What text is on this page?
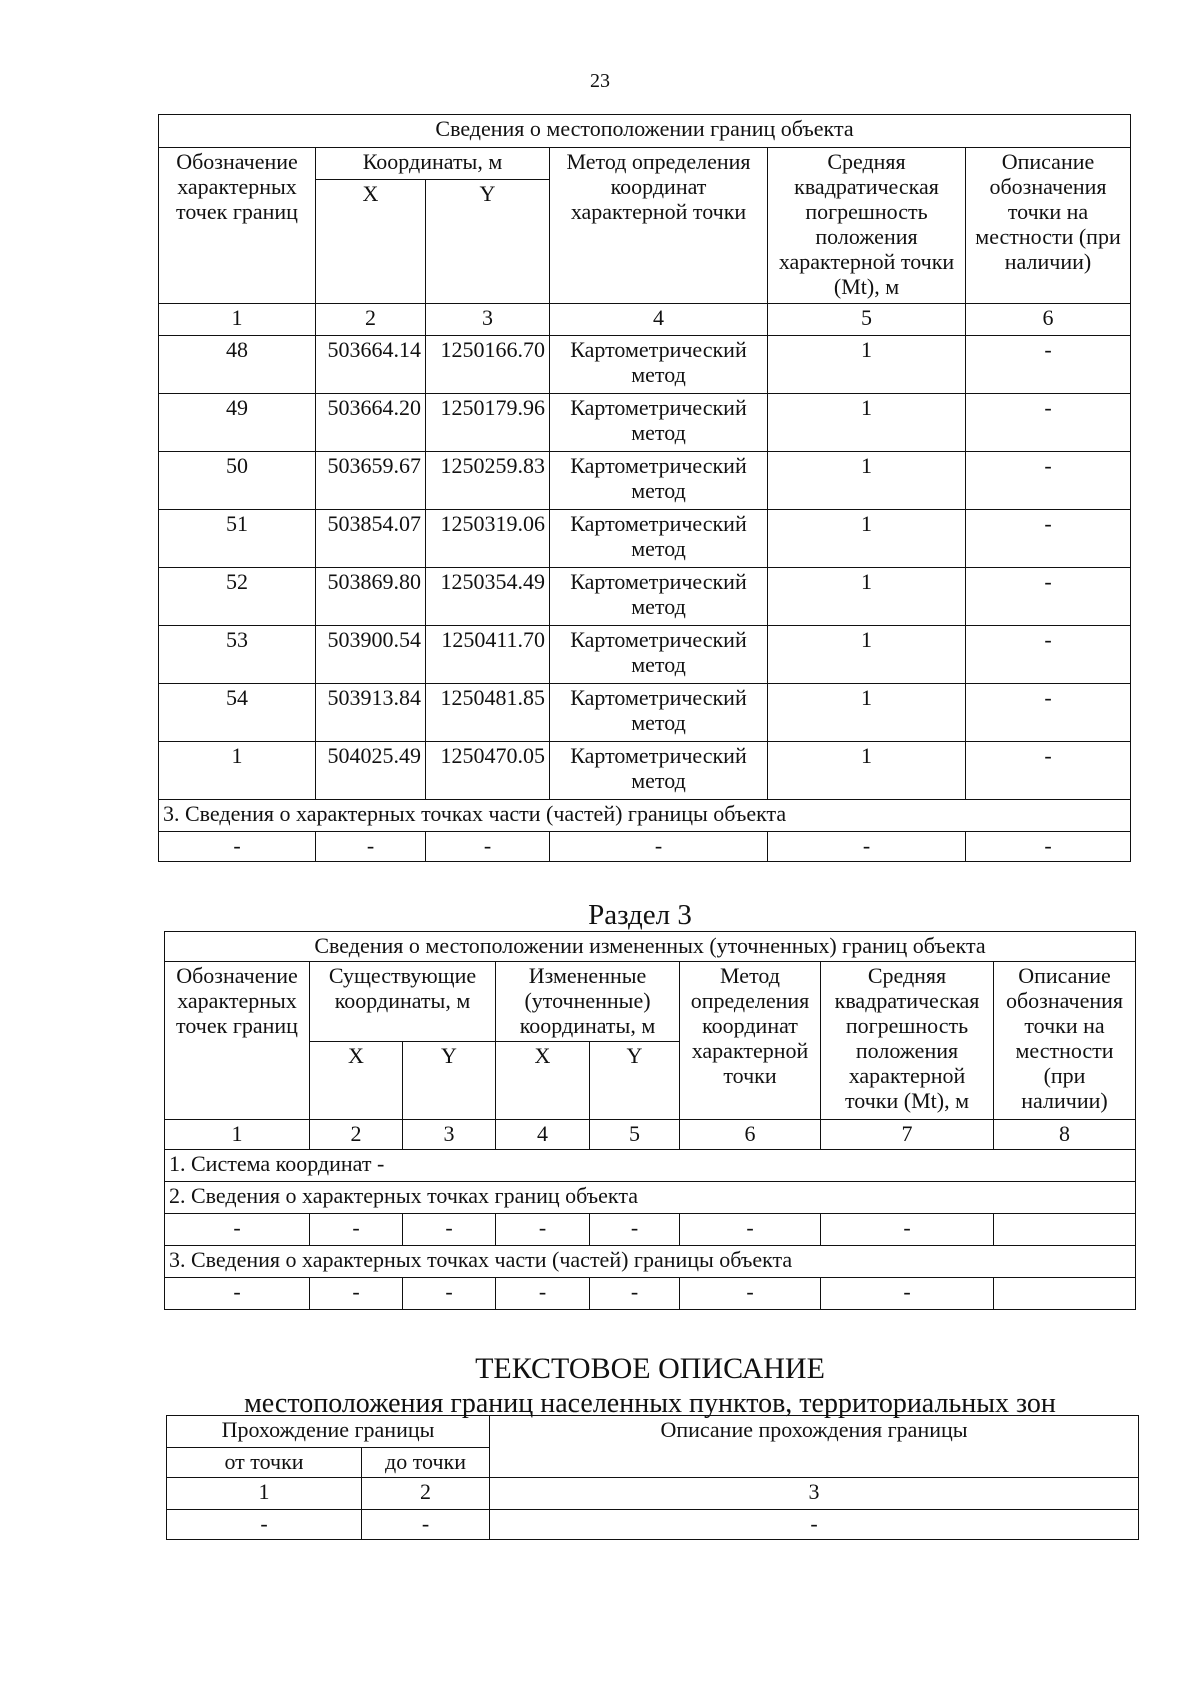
23
Сведения о местоположении границ объекта					
Обозначение характерных точек границ	Координаты, м		Метод определения координат характерной точки	Средняя квадратическая погрешность положения характерной точки (Mt), м	Описание обозначения точки на местности (при наличии)
	X	Y			
1	2	3	4	5	6
48	503664.14	1250166.70	Картометрический метод	1	-
49	503664.20	1250179.96	Картометрический метод	1	-
50	503659.67	1250259.83	Картометрический метод	1	-
51	503854.07	1250319.06	Картометрический метод	1	-
52	503869.80	1250354.49	Картометрический метод	1	-
53	503900.54	1250411.70	Картометрический метод	1	-
54	503913.84	1250481.85	Картометрический метод	1	-
1	504025.49	1250470.05	Картометрический метод	1	-
3. Сведения о характерных точках части (частей) границы объекта					
-	-	-	-	-	-
Раздел 3
Сведения о местоположении измененных (уточненных) границ объекта							
Обозначение характерных точек границ	Существующие координаты, м		Измененные (уточненные) координаты, м		Метод определения координат характерной точки	Средняя квадратическая погрешность положения характерной точки (Mt), м	Описание обозначения точки на местности (при наличии)
	X	Y	X	Y			
1	2	3	4	5	6	7	8
1. Система координат -							
2. Сведения о характерных точках границ объекта							
-	-	-	-	-	-	-	
3. Сведения о характерных точках части (частей) границы объекта							
-	-	-	-	-	-	-	
ТЕКСТОВОЕ ОПИСАНИЕ
местоположения границ населенных пунктов, территориальных зон
Прохождение границы		Описание прохождения границы
от точки	до точки	
1	2	3
-	-	-
